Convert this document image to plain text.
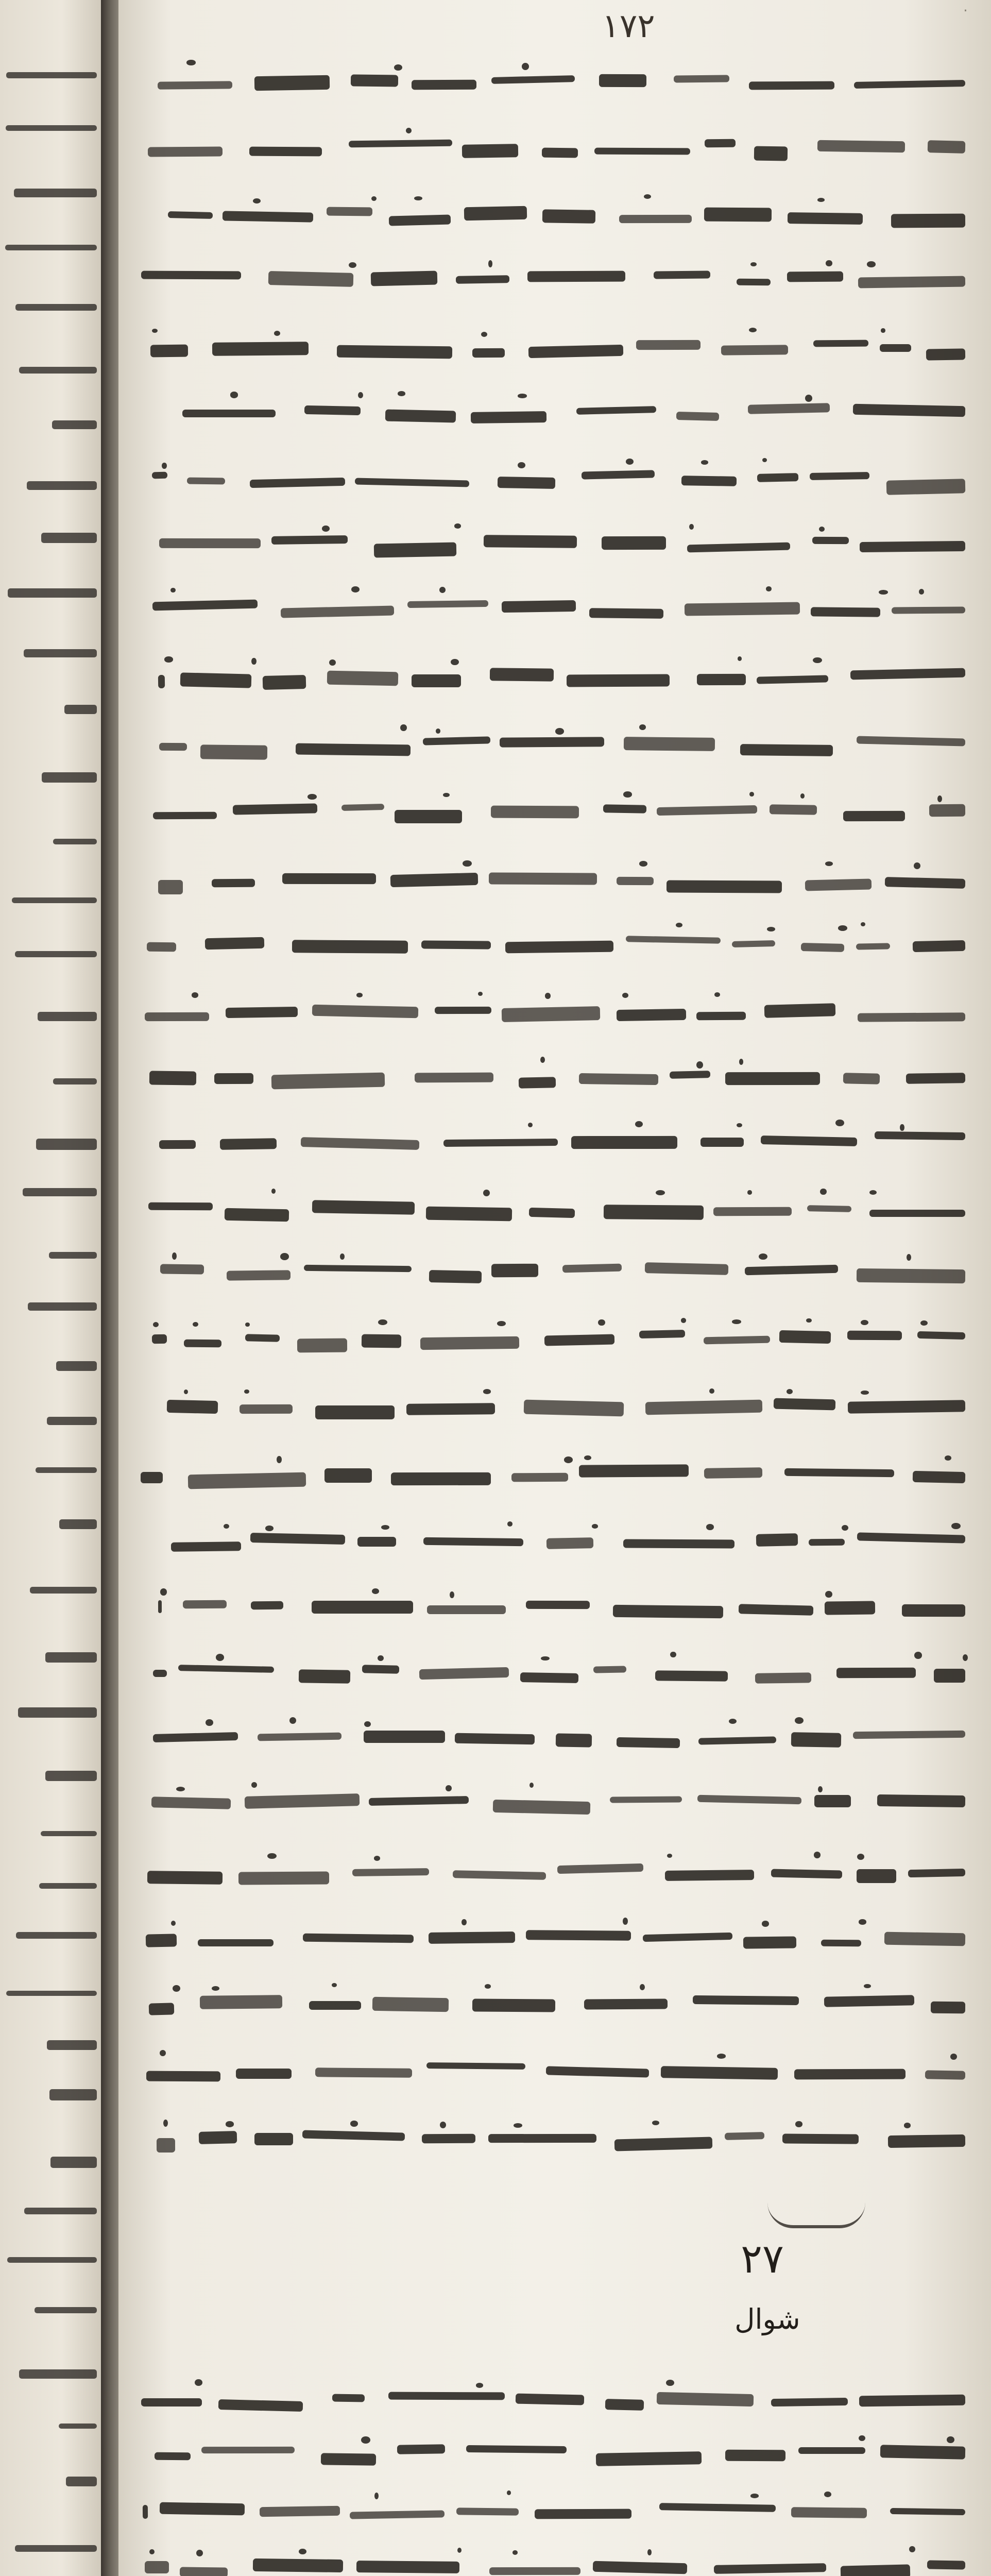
١٧٢	·
٢٧
شوال
